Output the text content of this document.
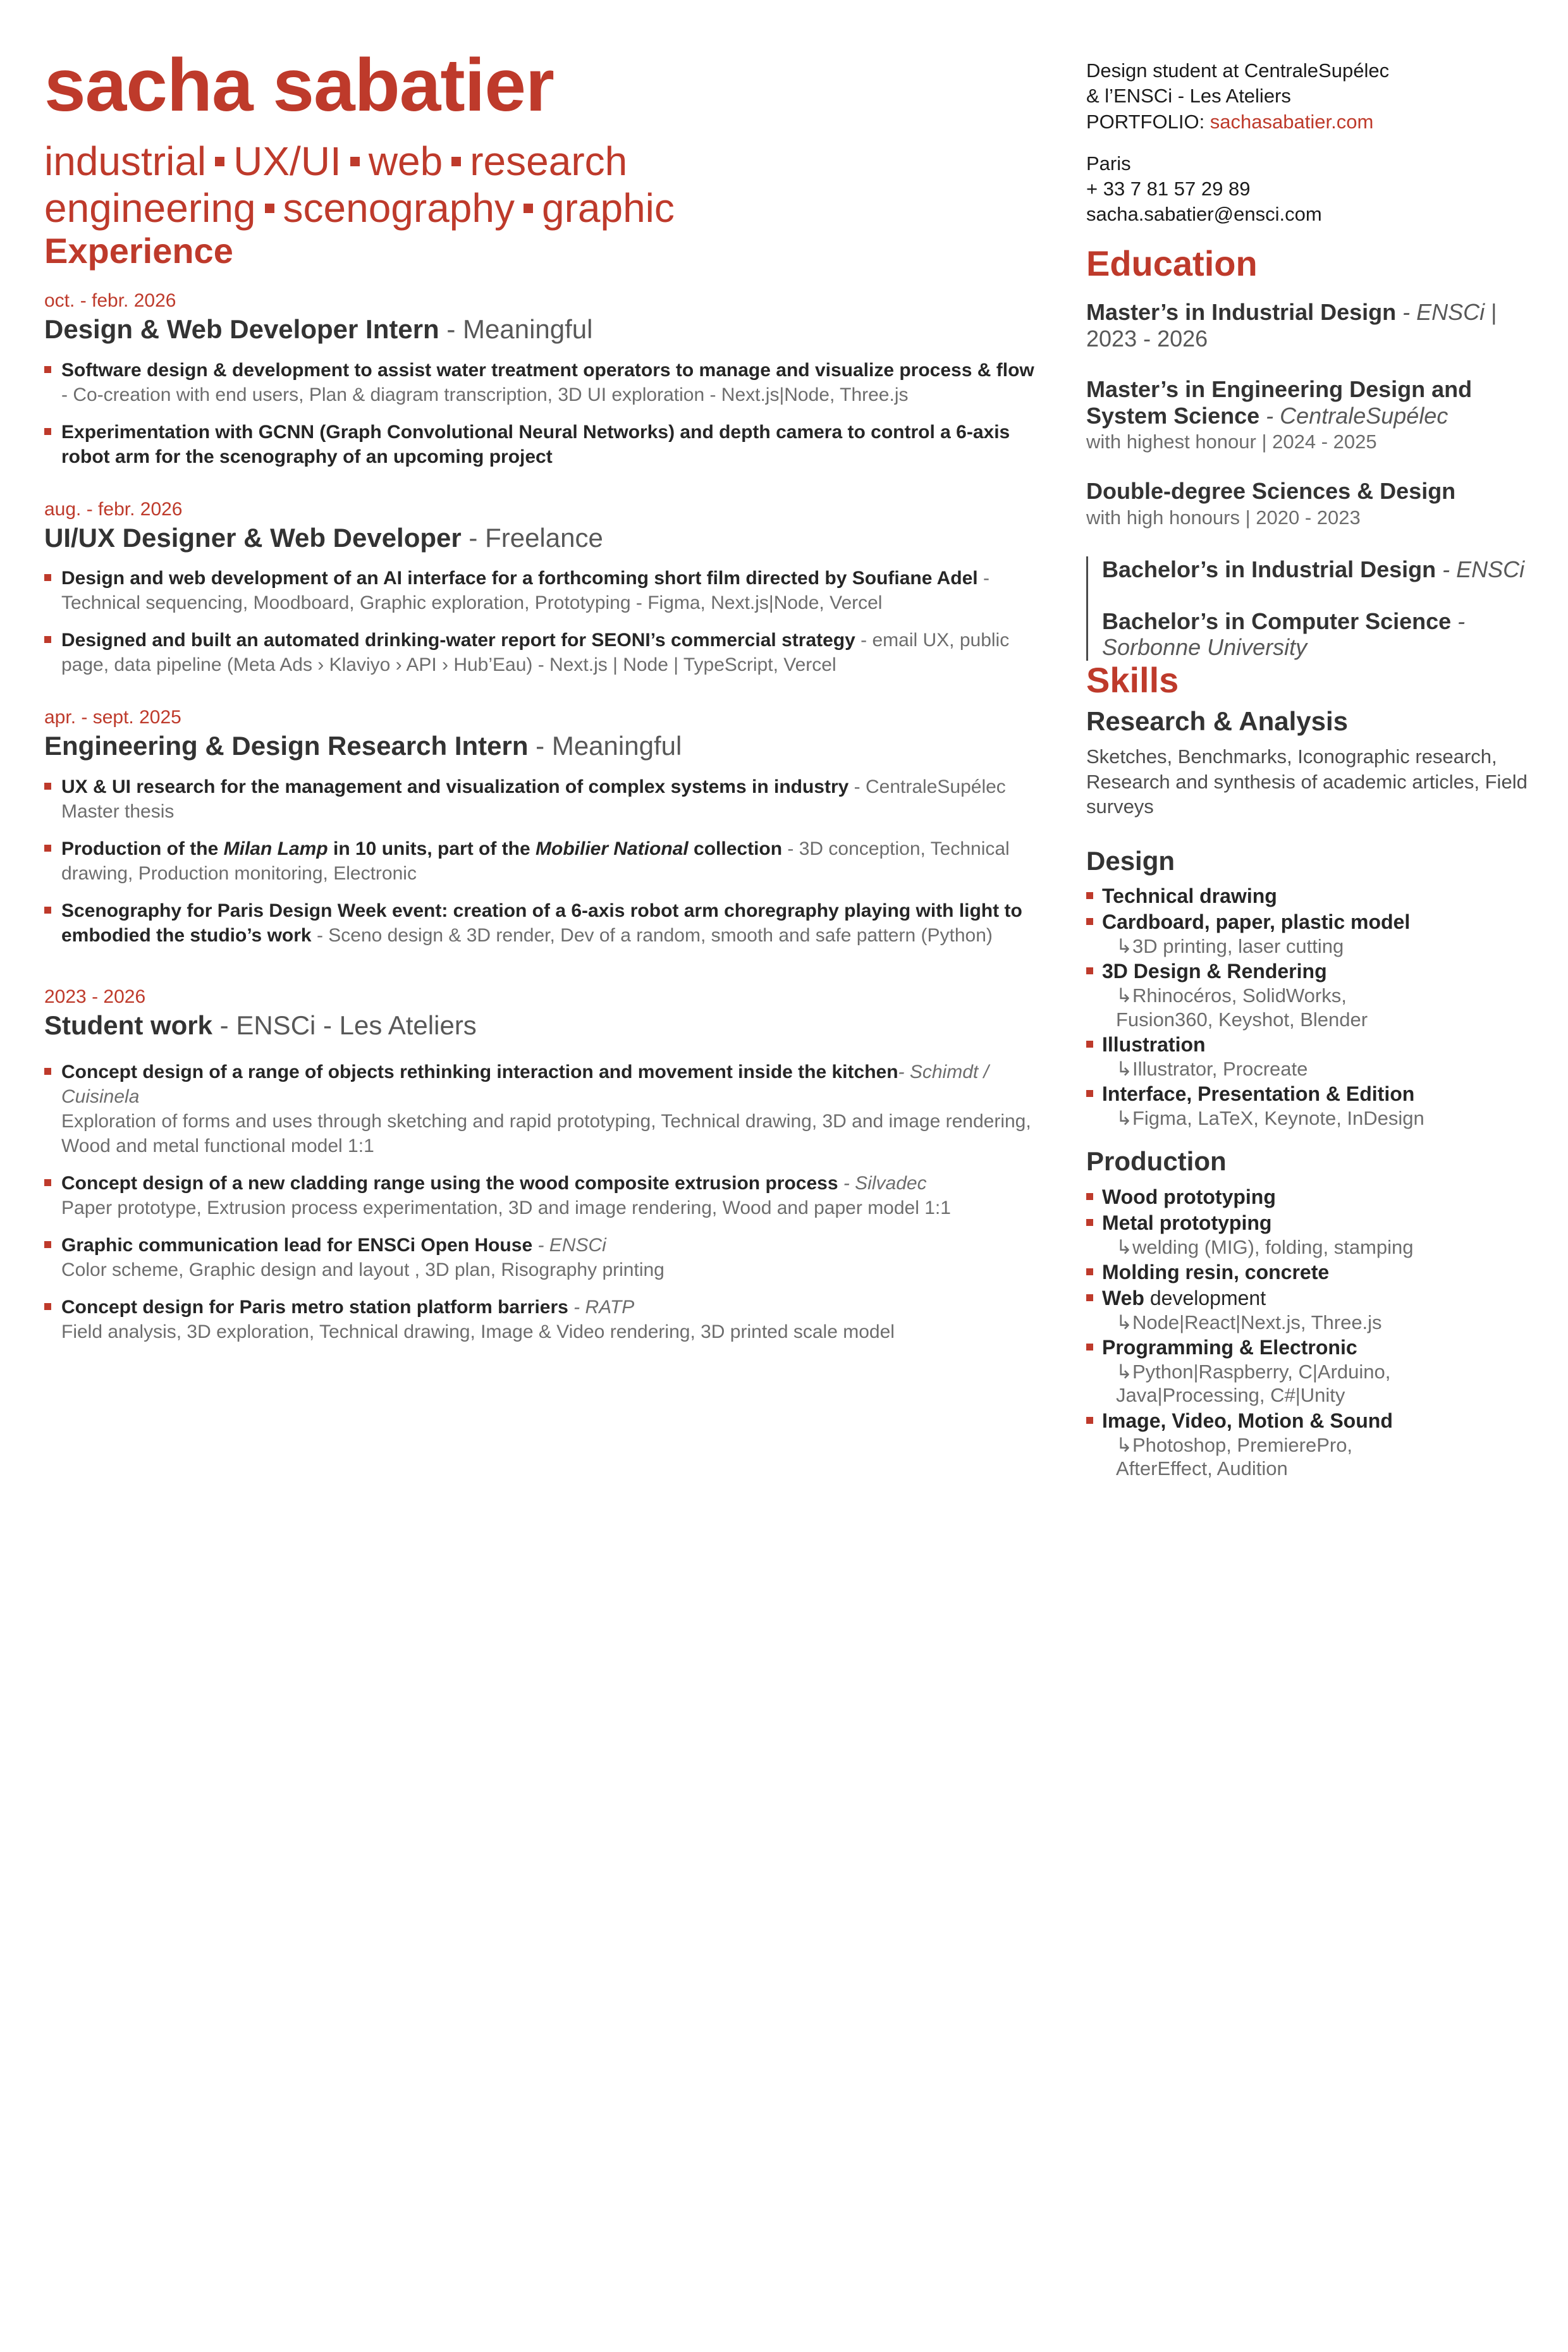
sacha sabatier
industrial UX/UI web research
engineering scenography graphic
Experience
oct. - febr. 2026
Design & Web Developer Intern - Meaningful
Software design & development to assist water treatment operators to manage and visualize process & flow - Co-creation with end users, Plan & diagram transcription, 3D UI exploration - Next.js|Node, Three.js
Experimentation with GCNN (Graph Convolutional Neural Networks) and depth camera to control a 6-axis robot arm for the scenography of an upcoming project
aug. - febr. 2026
UI/UX Designer & Web Developer - Freelance
Design and web development of an AI interface for a forthcoming short film directed by Soufiane Adel - Technical sequencing, Moodboard, Graphic exploration, Prototyping - Figma, Next.js|Node, Vercel
Designed and built an automated drinking-water report for SEONI’s commercial strategy - email UX, public page, data pipeline (Meta Ads › Klaviyo › API › Hub’Eau) - Next.js | Node | TypeScript, Vercel
apr. - sept. 2025
Engineering & Design Research Intern - Meaningful
UX & UI research for the management and visualization of complex systems in industry - CentraleSupélec Master thesis
Production of the Milan Lamp in 10 units, part of the Mobilier National collection - 3D conception, Technical drawing, Production monitoring, Electronic
Scenography for Paris Design Week event: creation of a 6-axis robot arm choregraphy playing with light to embodied the studio’s work - Sceno design & 3D render, Dev of a random, smooth and safe pattern (Python)
2023 - 2026
Student work - ENSCi - Les Ateliers
Concept design of a range of objects rethinking interaction and movement inside the kitchen- Schimdt / Cuisinela
Exploration of forms and uses through sketching and rapid prototyping, Technical drawing, 3D and image rendering, Wood and metal functional model 1:1
Concept design of a new cladding range using the wood composite extrusion process - Silvadec
Paper prototype, Extrusion process experimentation, 3D and image rendering, Wood and paper model 1:1
Graphic communication lead for ENSCi Open House - ENSCi
Color scheme, Graphic design and layout , 3D plan, Risography printing
Concept design for Paris metro station platform barriers - RATP
Field analysis, 3D exploration, Technical drawing, Image & Video rendering, 3D printed scale model
Design student at CentraleSupélec
& l’ENSCi - Les Ateliers
PORTFOLIO: sachasabatier.com
Paris
+ 33 7 81 57 29 89
sacha.sabatier@ensci.com
Education
Master’s in Industrial Design - ENSCi | 2023 - 2026
Master’s in Engineering Design and System Science - CentraleSupélec
with highest honour | 2024 - 2025
Double-degree Sciences & Design
with high honours | 2020 - 2023
Bachelor’s in Industrial Design - ENSCi
Bachelor’s in Computer Science - Sorbonne University
Skills
Research & Analysis
Sketches, Benchmarks, Iconographic research, Research and synthesis of academic articles, Field surveys
Design
Technical drawing
Cardboard, paper, plastic model
↳3D printing, laser cutting
3D Design & Rendering
↳Rhinocéros, SolidWorks,
Fusion360, Keyshot, Blender
Illustration
↳Illustrator, Procreate
Interface, Presentation & Edition
↳Figma, LaTeX, Keynote, InDesign
Production
Wood prototyping
Metal prototyping
↳welding (MIG), folding, stamping
Molding resin, concrete
Web development
↳Node|React|Next.js, Three.js
Programming & Electronic
↳Python|Raspberry, C|Arduino,
Java|Processing, C#|Unity
Image, Video, Motion & Sound
↳Photoshop, PremierePro,
AfterEffect, Audition
